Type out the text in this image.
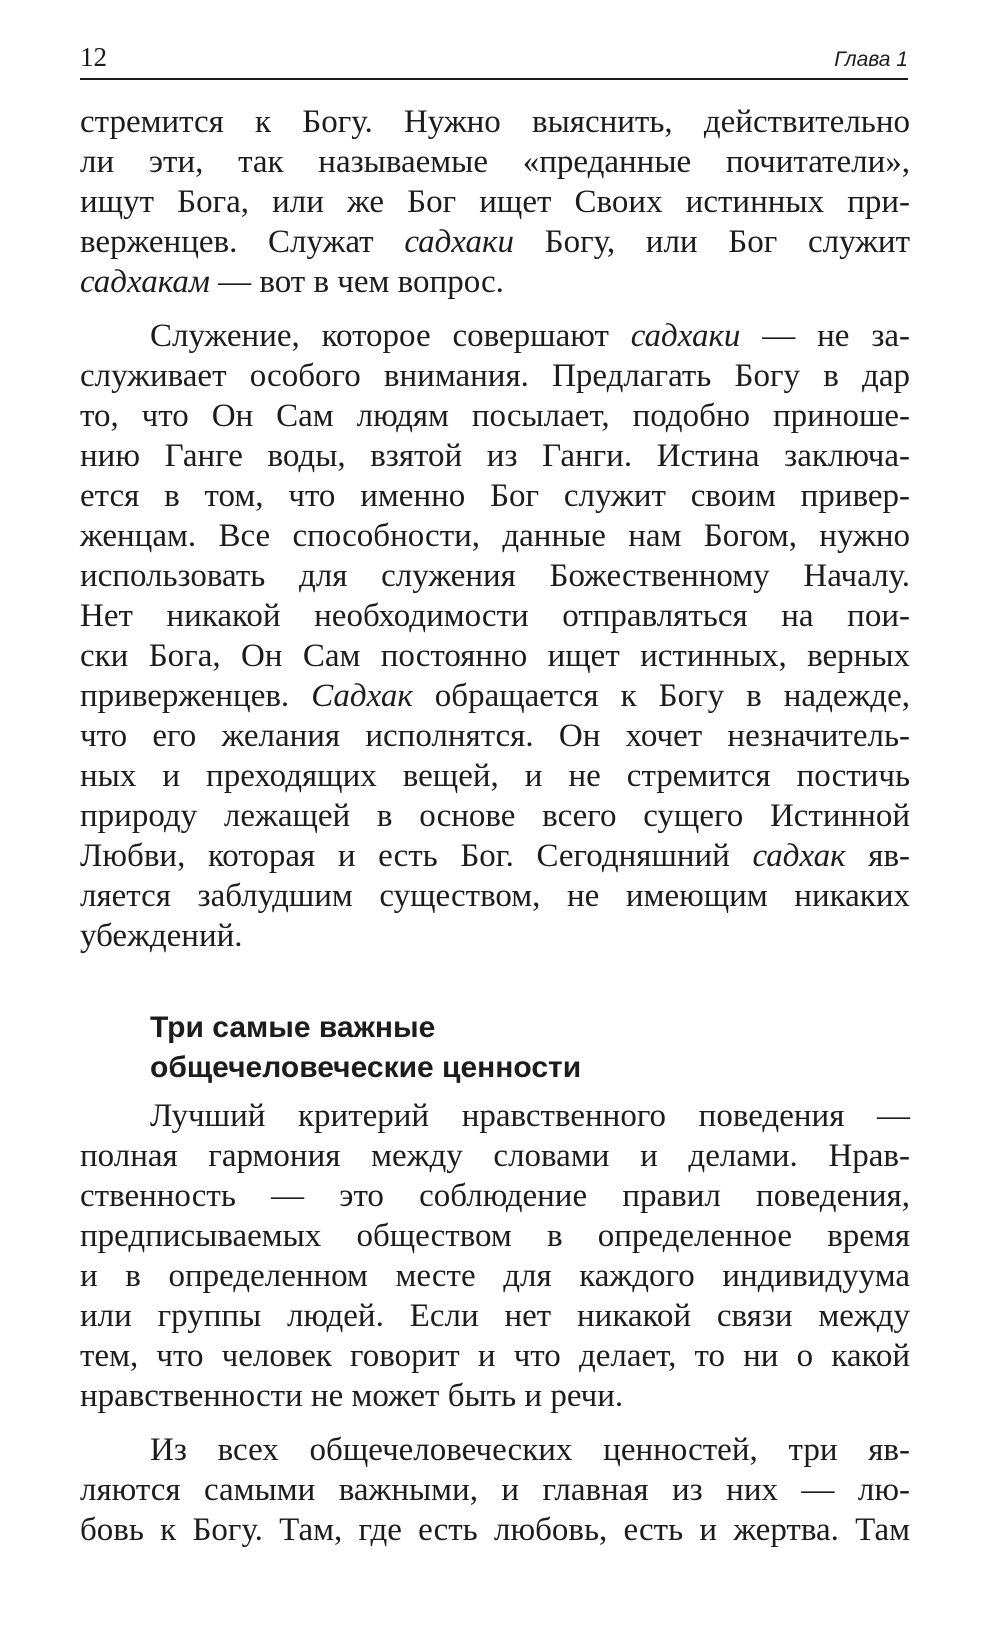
12	Глава 1

стремится к Богу. Нужно выяснить, действительно
ли эти, так называемые «преданные почитатели»,
ищут Бога, или же Бог ищет Своих истинных при-
верженцев. Служат садхаки Богу, или Бог служит
садхакам — вот в чем вопрос.

Служение, которое совершают садхаки — не за-
служивает особого внимания. Предлагать Богу в дар
то, что Он Сам людям посылает, подобно приноше-
нию Ганге воды, взятой из Ганги. Истина заключа-
ется в том, что именно Бог служит своим привер-
женцам. Все способности, данные нам Богом, нужно
использовать для служения Божественному Началу.
Нет никакой необходимости отправляться на пои-
ски Бога, Он Сам постоянно ищет истинных, верных
приверженцев. Садхак обращается к Богу в надежде,
что его желания исполнятся. Он хочет незначитель-
ных и преходящих вещей, и не стремится постичь
природу лежащей в основе всего сущего Истинной
Любви, которая и есть Бог. Сегодняшний садхак яв-
ляется заблудшим существом, не имеющим никаких
убеждений.

Три самые важные
общечеловеческие ценности

Лучший критерий нравственного поведения —
полная гармония между словами и делами. Нрав-
ственность — это соблюдение правил поведения,
предписываемых обществом в определенное время
и в определенном месте для каждого индивидуума
или группы людей. Если нет никакой связи между
тем, что человек говорит и что делает, то ни о какой
нравственности не может быть и речи.

Из всех общечеловеческих ценностей, три яв-
ляются самыми важными, и главная из них — лю-
бовь к Богу. Там, где есть любовь, есть и жертва. Там
